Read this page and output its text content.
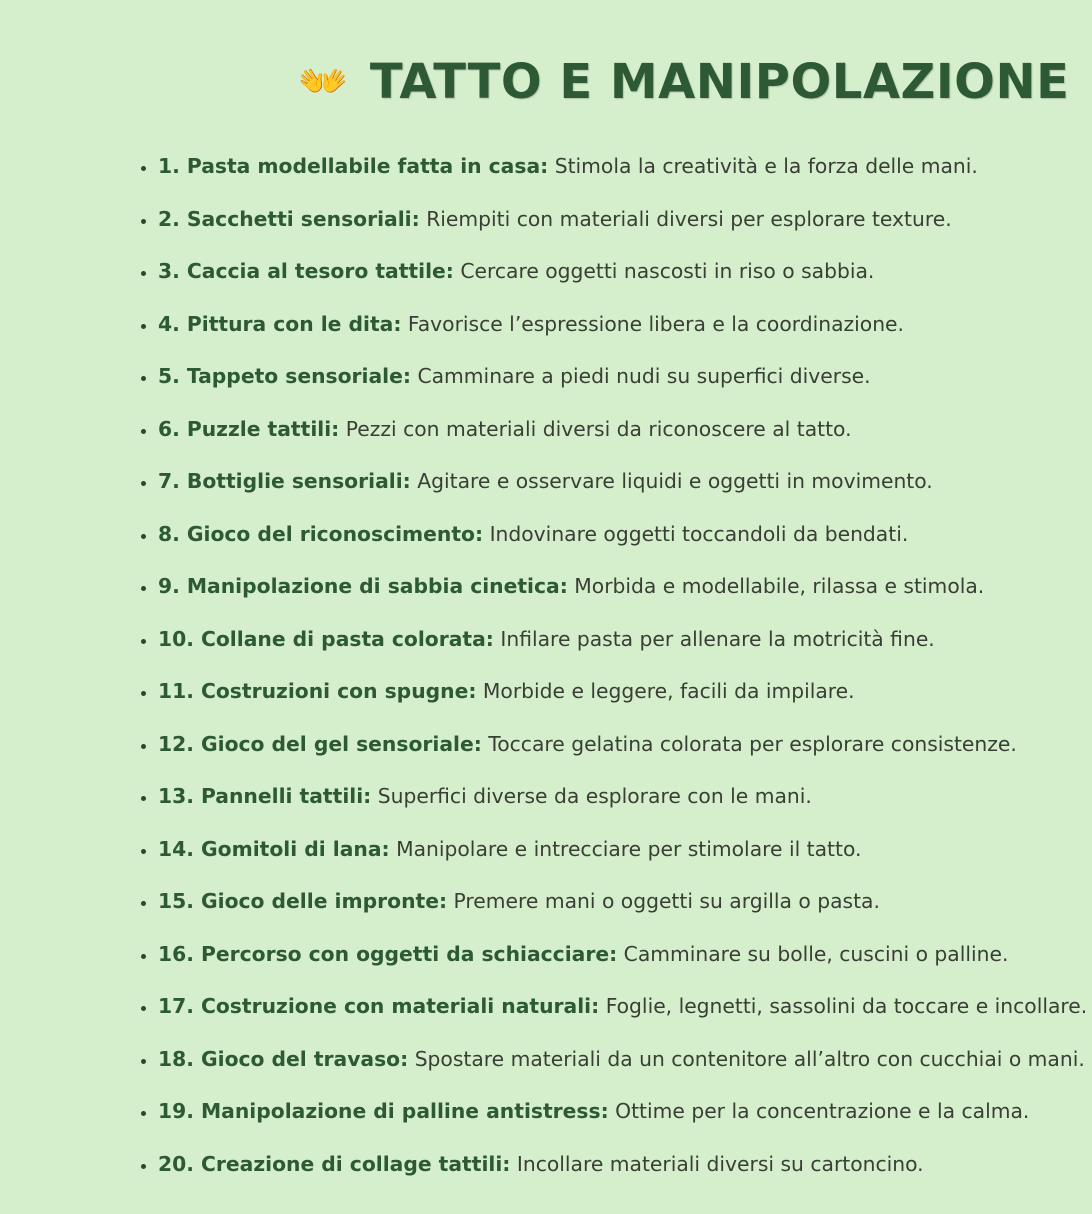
👐 TATTO E MANIPOLAZIONE
• 1. Pasta modellabile fatta in casa: Stimola la creatività e la forza delle mani.
• 2. Sacchetti sensoriali: Riempiti con materiali diversi per esplorare texture.
• 3. Caccia al tesoro tattile: Cercare oggetti nascosti in riso o sabbia.
• 4. Pittura con le dita: Favorisce l’espressione libera e la coordinazione.
• 5. Tappeto sensoriale: Camminare a piedi nudi su superfici diverse.
• 6. Puzzle tattili: Pezzi con materiali diversi da riconoscere al tatto.
• 7. Bottiglie sensoriali: Agitare e osservare liquidi e oggetti in movimento.
• 8. Gioco del riconoscimento: Indovinare oggetti toccandoli da bendati.
• 9. Manipolazione di sabbia cinetica: Morbida e modellabile, rilassa e stimola.
• 10. Collane di pasta colorata: Infilare pasta per allenare la motricità fine.
• 11. Costruzioni con spugne: Morbide e leggere, facili da impilare.
• 12. Gioco del gel sensoriale: Toccare gelatina colorata per esplorare consistenze.
• 13. Pannelli tattili: Superfici diverse da esplorare con le mani.
• 14. Gomitoli di lana: Manipolare e intrecciare per stimolare il tatto.
• 15. Gioco delle impronte: Premere mani o oggetti su argilla o pasta.
• 16. Percorso con oggetti da schiacciare: Camminare su bolle, cuscini o palline.
• 17. Costruzione con materiali naturali: Foglie, legnetti, sassolini da toccare e incollare.
• 18. Gioco del travaso: Spostare materiali da un contenitore all’altro con cucchiai o mani.
• 19. Manipolazione di palline antistress: Ottime per la concentrazione e la calma.
• 20. Creazione di collage tattili: Incollare materiali diversi su cartoncino.
